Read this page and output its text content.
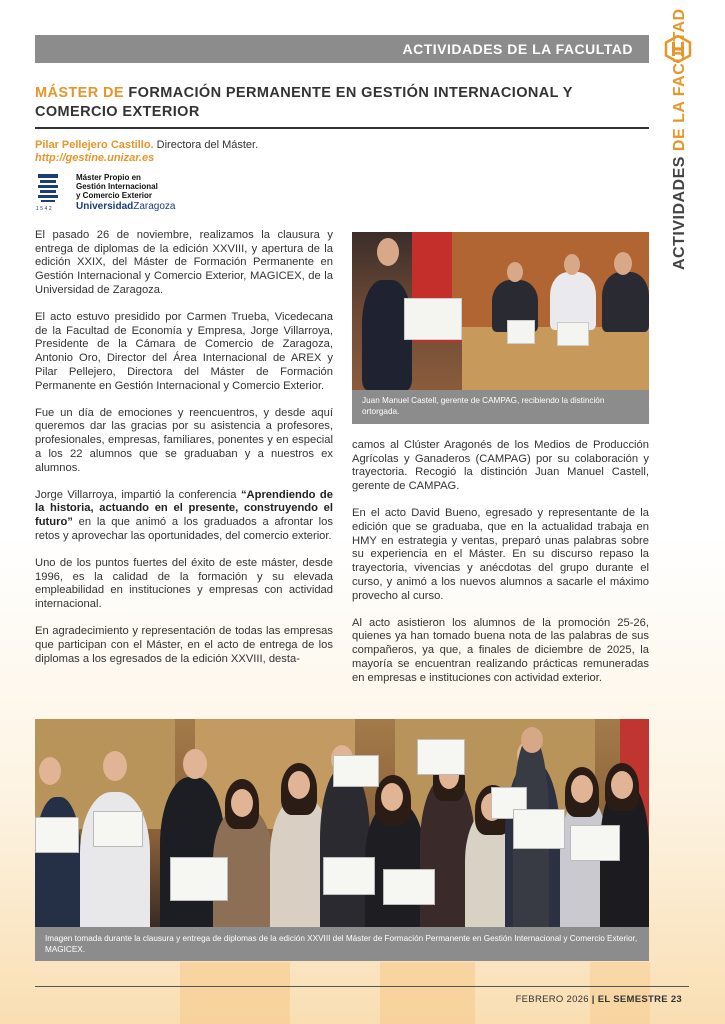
ACTIVIDADES DE LA FACULTAD
ACTIVIDADES DE LA FACULTAD
MÁSTER DE FORMACIÓN PERMANENTE EN GESTIÓN INTERNACIONAL Y COMERCIO EXTERIOR
Pilar Pellejero Castillo. Directora del Máster.
http://gestine.unizar.es
1542
Máster Propio en
Gestión Internacional
y Comercio Exterior
UniversidadZaragoza

El pasado 26 de noviembre, realizamos la clausura y entrega de diplomas de la edición XXVIII, y apertura de la edición XXIX, del Máster de Formación Permanente en Gestión Internacional y Comercio Exterior, MAGICEX, de la Universidad de Zaragoza.

El acto estuvo presidido por Carmen Trueba, Vicedecana de la Facultad de Economía y Empresa, Jorge Villarroya, Presidente de la Cámara de Comercio de Zaragoza, Antonio Oro, Director del Área Internacional de AREX y Pilar Pellejero, Directora del Máster de Formación Permanente en Gestión Internacional y Comercio Exterior.

Fue un día de emociones y reencuentros, y desde aquí queremos dar las gracias por su asistencia a profesores, profesionales, empresas, familiares, ponentes y en especial a los 22 alumnos que se graduaban y a nuestros ex alumnos.

Jorge Villarroya, impartió la conferencia “Aprendiendo de la historia, actuando en el presente, construyendo el futuro” en la que animó a los graduados a afrontar los retos y aprovechar las oportunidades, del comercio exterior.

Uno de los puntos fuertes del éxito de este máster, desde 1996, es la calidad de la formación y su elevada empleabilidad en instituciones y empresas con actividad internacional.

En agradecimiento y representación de todas las empresas que participan con el Máster, en el acto de entrega de los diplomas a los egresados de la edición XXVIII, desta-

Juan Manuel Castell, gerente de CAMPAG, recibiendo la distinción ortorgada.

camos al Clúster Aragonés de los Medios de Producción Agrícolas y Ganaderos (CAMPAG) por su colaboración y trayectoria. Recogió la distinción Juan Manuel Castell, gerente de CAMPAG.

En el acto David Bueno, egresado y representante de la edición que se graduaba, que en la actualidad trabaja en HMY en estrategia y ventas, preparó unas palabras sobre su experiencia en el Máster. En su discurso repaso la trayectoria, vivencias y anécdotas del grupo durante el curso, y animó a los nuevos alumnos a sacarle el máximo provecho al curso.

Al acto asistieron los alumnos de la promoción 25-26, quienes ya han tomado buena nota de las palabras de sus compañeros, ya que, a finales de diciembre de 2025, la mayoría se encuentran realizando prácticas remuneradas en empresas e instituciones con actividad exterior.

Imagen tomada durante la clausura y entrega de diplomas de la edición XXVIII del Máster de Formación Permanente en Gestión Internacional y Comercio Exterior, MAGICEX.
FEBRERO 2026 | EL SEMESTRE 23
